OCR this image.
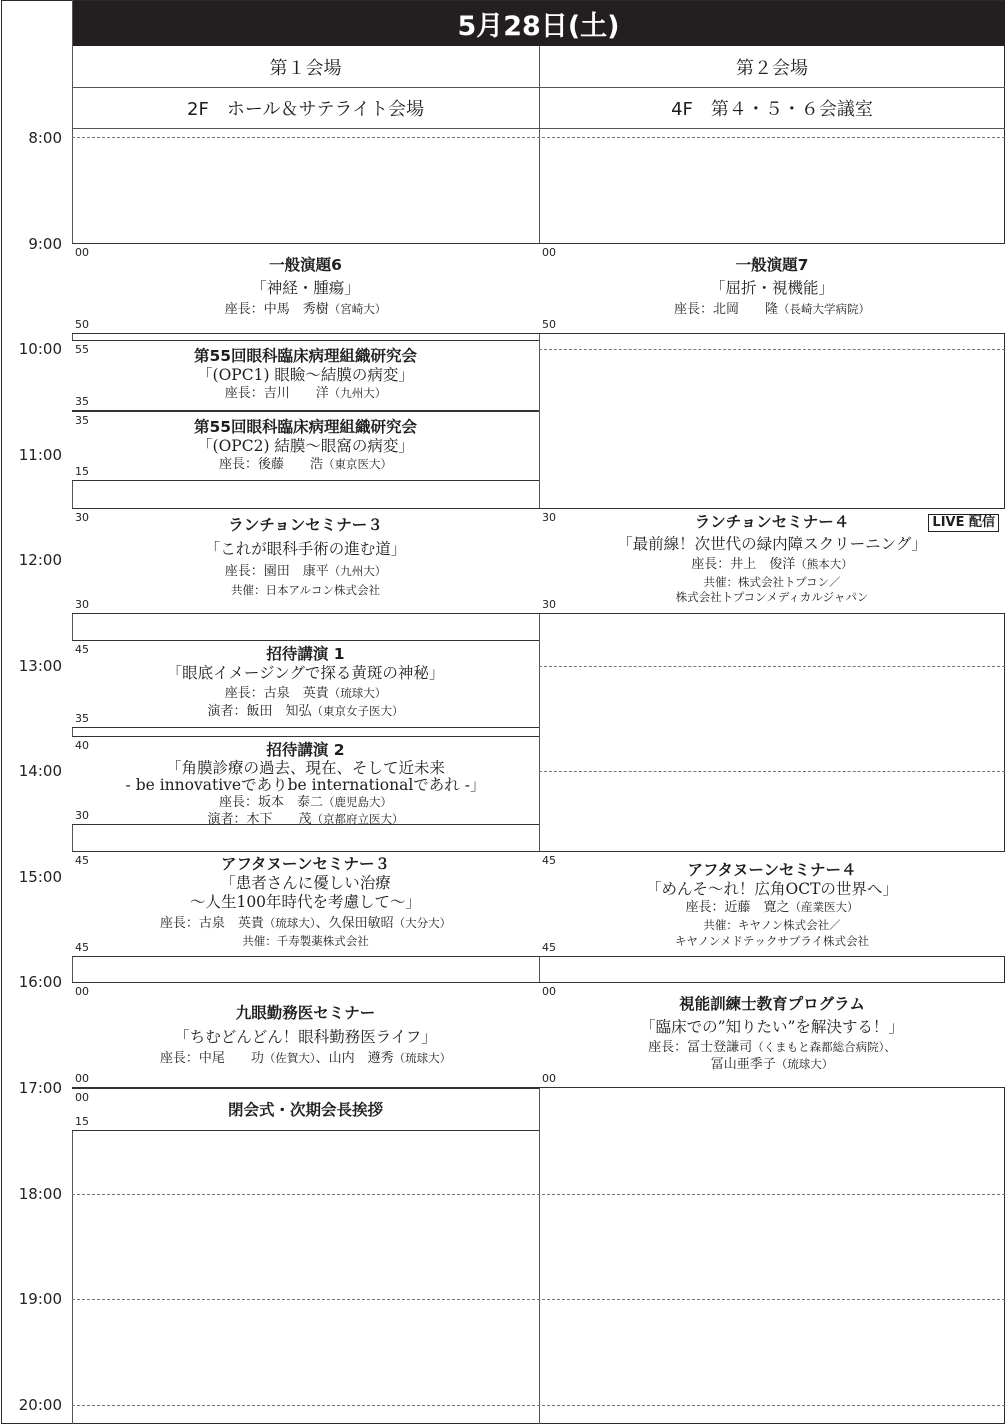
5月28日(土)
第１会場	第２会場
2F　ホール＆サテライト会場	4F　第４・５・６会議室
8:00
9:00
10:00
11:00
12:00
13:00
14:00
15:00
16:00
17:00
18:00
19:00
20:00
00
50
一般演題6
「神経・腫瘍」
座長：中馬　秀樹（宮崎大）
55
35
第55回眼科臨床病理組織研究会
「(OPC1) 眼瞼～結膜の病変」
座長：吉川　　洋（九州大）
35
15
第55回眼科臨床病理組織研究会
「(OPC2) 結膜～眼窩の病変」
座長：後藤　　浩（東京医大）
30
30
ランチョンセミナー３
「これが眼科手術の進む道」
座長：園田　康平（九州大）
共催：日本アルコン株式会社
45
35
招待講演 1
「眼底イメージングで探る黄斑の神秘」
座長：古泉　英貴（琉球大）
演者：飯田　知弘（東京女子医大）
40
30
招待講演 2
「角膜診療の過去、現在、そして近未来
- be innovativeでありbe internationalであれ -」
座長：坂本　泰二（鹿児島大）
演者：木下　　茂（京都府立医大）
45
45
アフタヌーンセミナー３
「患者さんに優しい治療
～人生100年時代を考慮して～」
座長：古泉　英貴（琉球大）、久保田敏昭（大分大）
共催：千寿製薬株式会社
00
00
九眼勤務医セミナー
「ちむどんどん！眼科勤務医ライフ」
座長：中尾　　功（佐賀大）、山内　遵秀（琉球大）
00
15
閉会式・次期会長挨拶
00
50
一般演題7
「屈折・視機能」
座長：北岡　　隆（長崎大学病院）
30
30
LIVE 配信
ランチョンセミナー４
「最前線！次世代の緑内障スクリーニング」
座長：井上　俊洋（熊本大）
共催：株式会社トプコン／
株式会社トプコンメディカルジャパン
45
45
アフタヌーンセミナー４
「めんそ～れ！広角OCTの世界へ」
座長：近藤　寛之（産業医大）
共催：キヤノン株式会社／
キヤノンメドテックサプライ株式会社
00
00
視能訓練士教育プログラム
「臨床での”知りたい”を解決する！」
座長：冨士登謙司（くまもと森都総合病院）、
冨山亜季子（琉球大）
